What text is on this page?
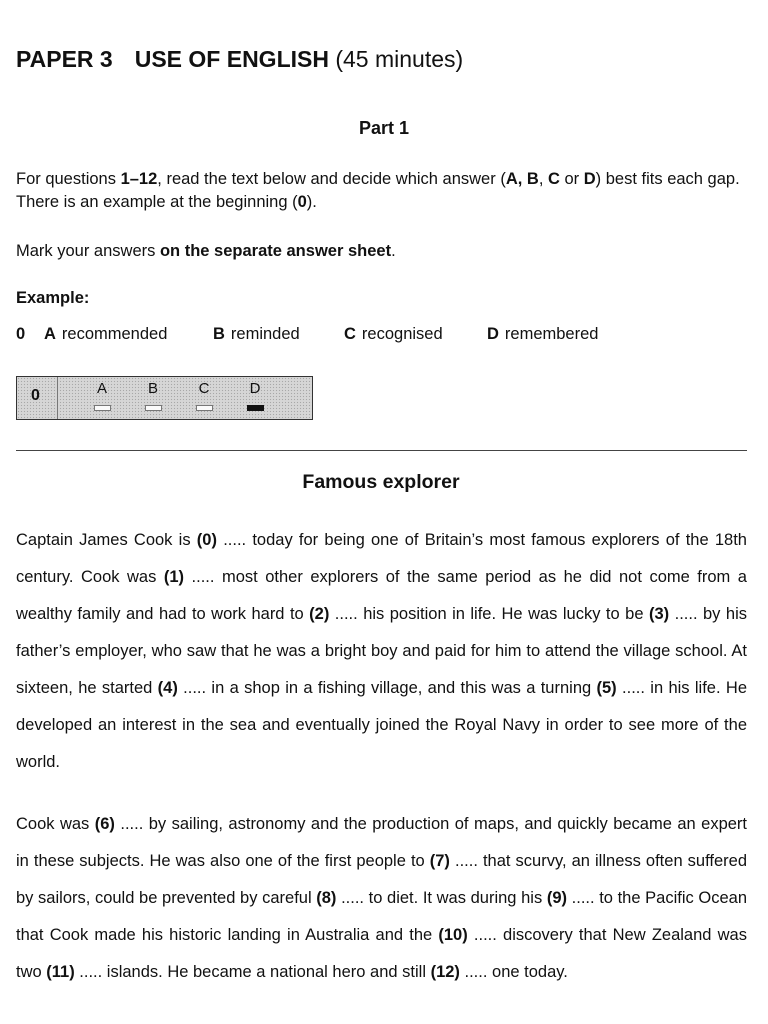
PAPER 3 USE OF ENGLISH (45 minutes)
Part 1
For questions 1–12, read the text below and decide which answer (A, B, C or D) best fits each gap. There is an example at the beginning (0).
Mark your answers on the separate answer sheet.
Example:
0	A recommended	B reminded	C recognised	D remembered
0	A	B	C	D
Famous explorer
Captain James Cook is (0) ..... today for being one of Britain’s most famous explorers of the 18th century. Cook was (1) ..... most other explorers of the same period as he did not come from a wealthy family and had to work hard to (2) ..... his position in life. He was lucky to be (3) ..... by his father’s employer, who saw that he was a bright boy and paid for him to attend the village school. At sixteen, he started (4) ..... in a shop in a fishing village, and this was a turning (5) ..... in his life. He developed an interest in the sea and eventually joined the Royal Navy in order to see more of the world.
Cook was (6) ..... by sailing, astronomy and the production of maps, and quickly became an expert in these subjects. He was also one of the first people to (7) ..... that scurvy, an illness often suffered by sailors, could be prevented by careful (8) ..... to diet. It was during his (9) ..... to the Pacific Ocean that Cook made his historic landing in Australia and the (10) ..... discovery that New Zealand was two (11) ..... islands. He became a national hero and still (12) ..... one today.
